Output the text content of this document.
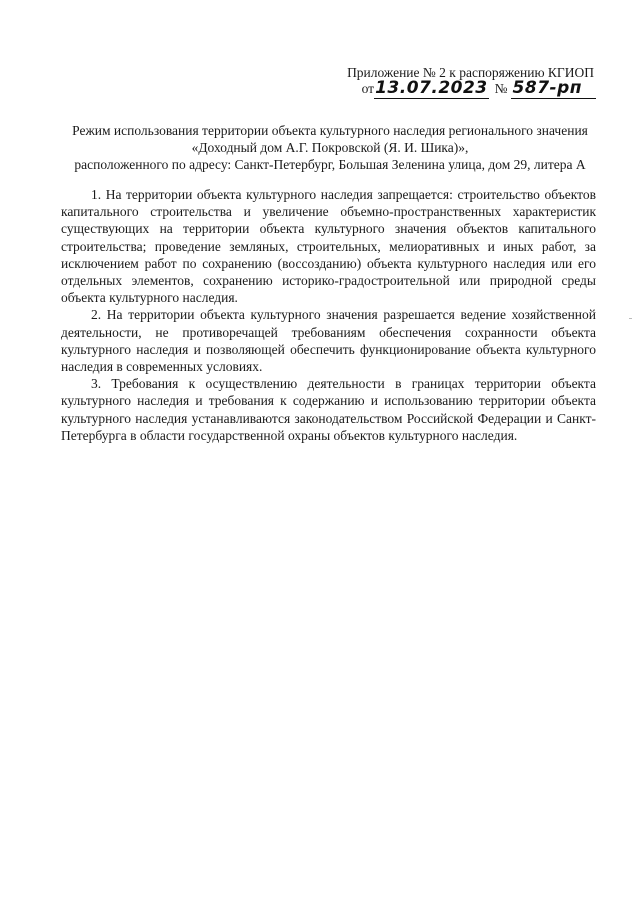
Приложение № 2 к распоряжению КГИОП
от13.07.2023 № 587-рп
Режим использования территории объекта культурного наследия регионального значения
«Доходный дом А.Г. Покровской (Я. И. Шика)»,
расположенного по адресу: Санкт-Петербург, Большая Зеленина улица, дом 29, литера А

1. На территории объекта культурного наследия запрещается: строительство объектов капитального строительства и увеличение объемно-пространственных характеристик существующих на территории объекта культурного значения объектов капитального строительства; проведение земляных, строительных, мелиоративных и иных работ, за исключением работ по сохранению (воссозданию) объекта культурного наследия или его отдельных элементов, сохранению историко-градостроительной или природной среды объекта культурного наследия.

2. На территории объекта культурного значения разрешается ведение хозяйственной деятельности, не противоречащей требованиям обеспечения сохранности объекта культурного наследия и позволяющей обеспечить функционирование объекта культурного наследия в современных условиях.

3. Требования к осуществлению деятельности в границах территории объекта культурного наследия и требования к содержанию и использованию территории объекта культурного наследия устанавливаются законодательством Российской Федерации и Санкт-Петербурга в области государственной охраны объектов культурного наследия.
